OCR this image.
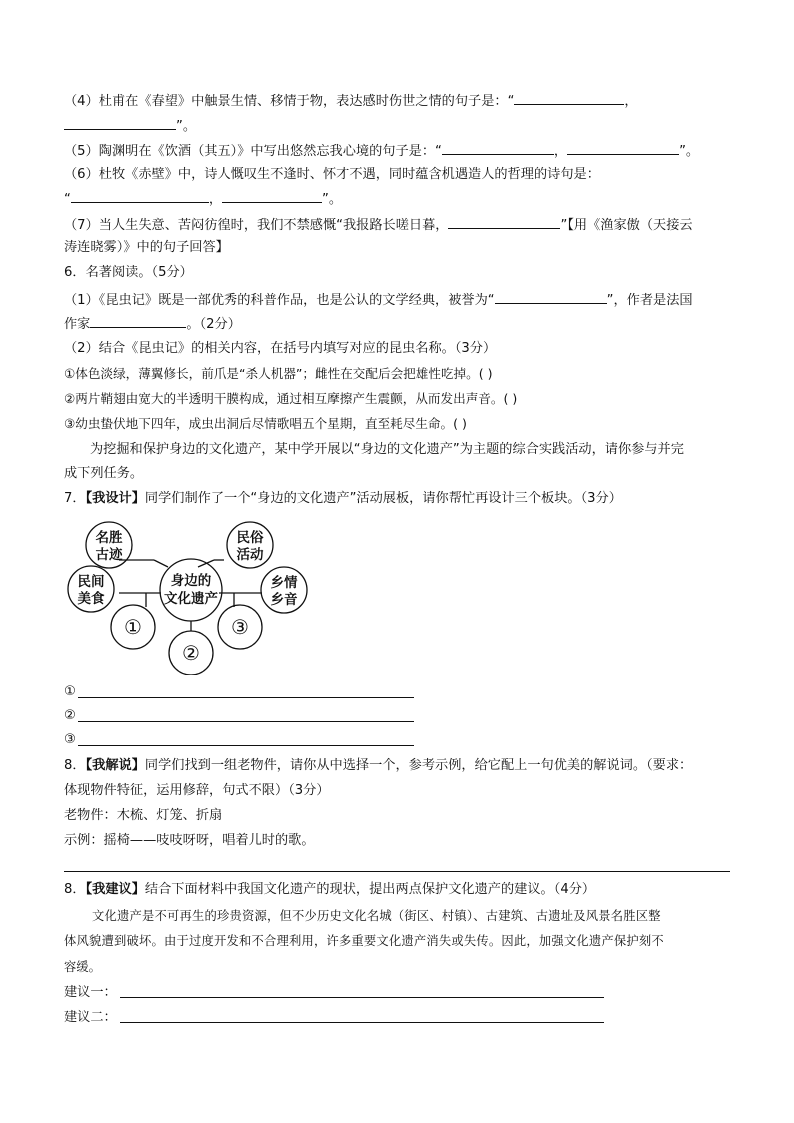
（4）杜甫在《春望》中触景生情、移情于物，表达感时伤世之情的句子是：“	，
”。
（5）陶渊明在《饮酒（其五）》中写出悠然忘我心境的句子是：“	，	”。
（6）杜牧《赤壁》中，诗人慨叹生不逢时、怀才不遇，同时蕴含机遇造人的哲理的诗句是：
“	，	”。
（7）当人生失意、苦闷彷徨时，我们不禁感慨“我报路长嗟日暮，	”【用《渔家傲（天接云
涛连晓雾）》中的句子回答】
6．名著阅读。（5分）
（1）《昆虫记》既是一部优秀的科普作品，也是公认的文学经典，被誉为“	”，作者是法国
作家	。（2分）
（2）结合《昆虫记》的相关内容，在括号内填写对应的昆虫名称。（3分）
①体色淡绿，薄翼修长，前爪是“杀人机器”；雌性在交配后会把雄性吃掉。( )
②两片鞘翅由宽大的半透明干膜构成，通过相互摩擦产生震颤，从而发出声音。( )
③幼虫蛰伏地下四年，成虫出洞后尽情歌唱五个星期，直至耗尽生命。( )
为挖掘和保护身边的文化遗产，某中学开展以“身边的文化遗产”为主题的综合实践活动，请你参与并完
成下列任务。
7．【我设计】同学们制作了一个“身边的文化遗产”活动展板，请你帮忙再设计三个板块。（3分）
身边的
文化遗产
名胜
古迹
民俗
活动
民间
美食
乡情
乡音
①	③
②
①
②
③
8．【我解说】同学们找到一组老物件，请你从中选择一个，参考示例，给它配上一句优美的解说词。（要求：
体现物件特征，运用修辞，句式不限）（3分）
老物件：木梳、灯笼、折扇
示例：摇椅——吱吱呀呀，唱着儿时的歌。
8．【我建议】结合下面材料中我国文化遗产的现状，提出两点保护文化遗产的建议。（4分）
文化遗产是不可再生的珍贵资源，但不少历史文化名城（街区、村镇）、古建筑、古遗址及风景名胜区整
体风貌遭到破坏。由于过度开发和不合理利用，许多重要文化遗产消失或失传。因此，加强文化遗产保护刻不
容缓。
建议一：
建议二：
